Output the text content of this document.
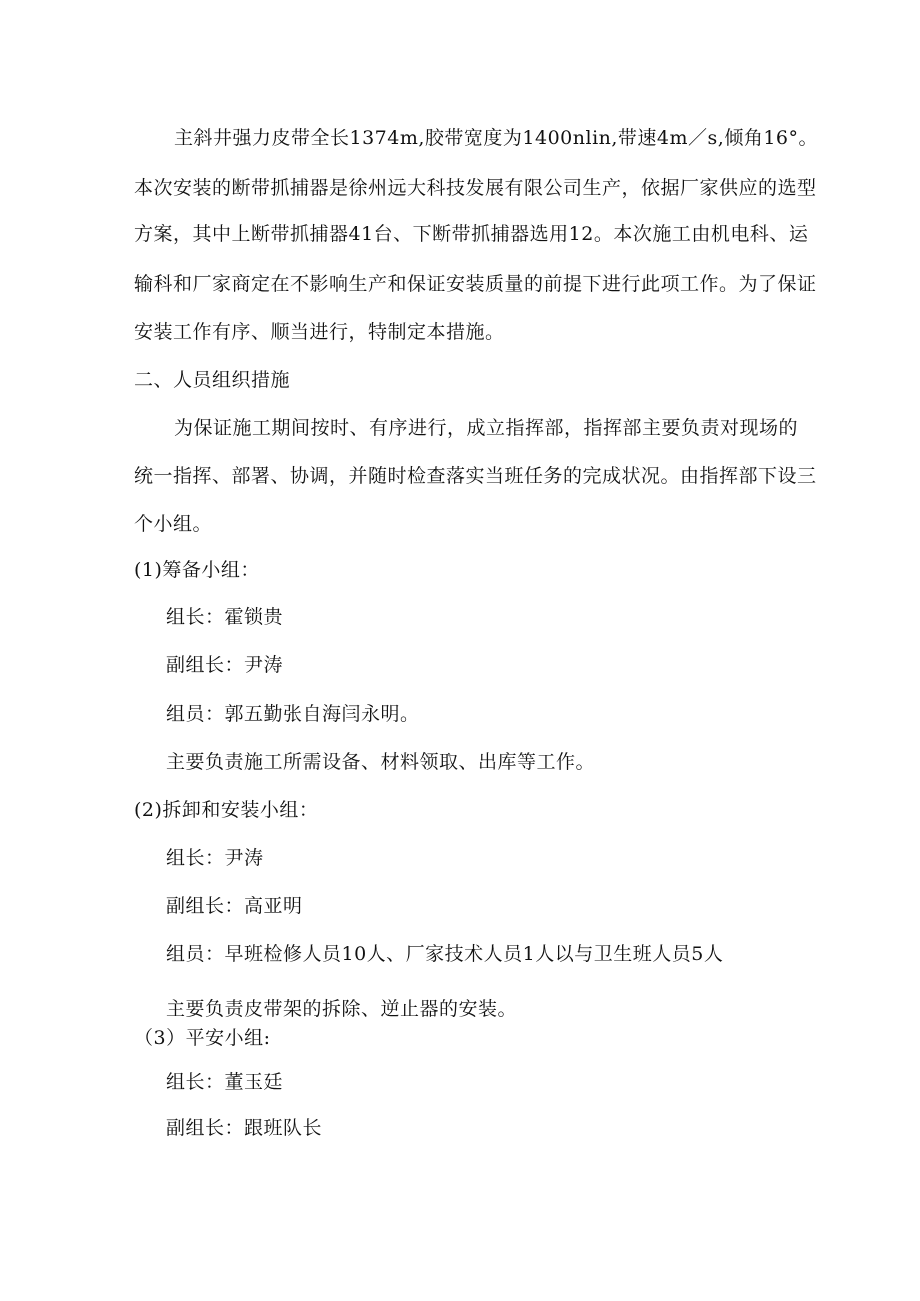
主斜井强力皮带全长1374m,胶带宽度为1400nlin,带速4m／s,倾角16°。
本次安装的断带抓捕器是徐州远大科技发展有限公司生产，依据厂家供应的选型
方案，其中上断带抓捕器41台、下断带抓捕器选用12。本次施工由机电科、运
输科和厂家商定在不影响生产和保证安装质量的前提下进行此项工作。为了保证
安装工作有序、顺当进行，特制定本措施。
二、人员组织措施
为保证施工期间按时、有序进行，成立指挥部，指挥部主要负责对现场的
统一指挥、部署、协调，并随时检查落实当班任务的完成状况。由指挥部下设三
个小组。
(1)筹备小组：
组长：霍锁贵
副组长：尹涛
组员：郭五勤张自海闫永明。
主要负责施工所需设备、材料领取、出库等工作。
(2)拆卸和安装小组：
组长：尹涛
副组长：高亚明
组员：早班检修人员10人、厂家技术人员1人以与卫生班人员5人
主要负责皮带架的拆除、逆止器的安装。
（3）平安小组:
组长：董玉廷
副组长：跟班队长
